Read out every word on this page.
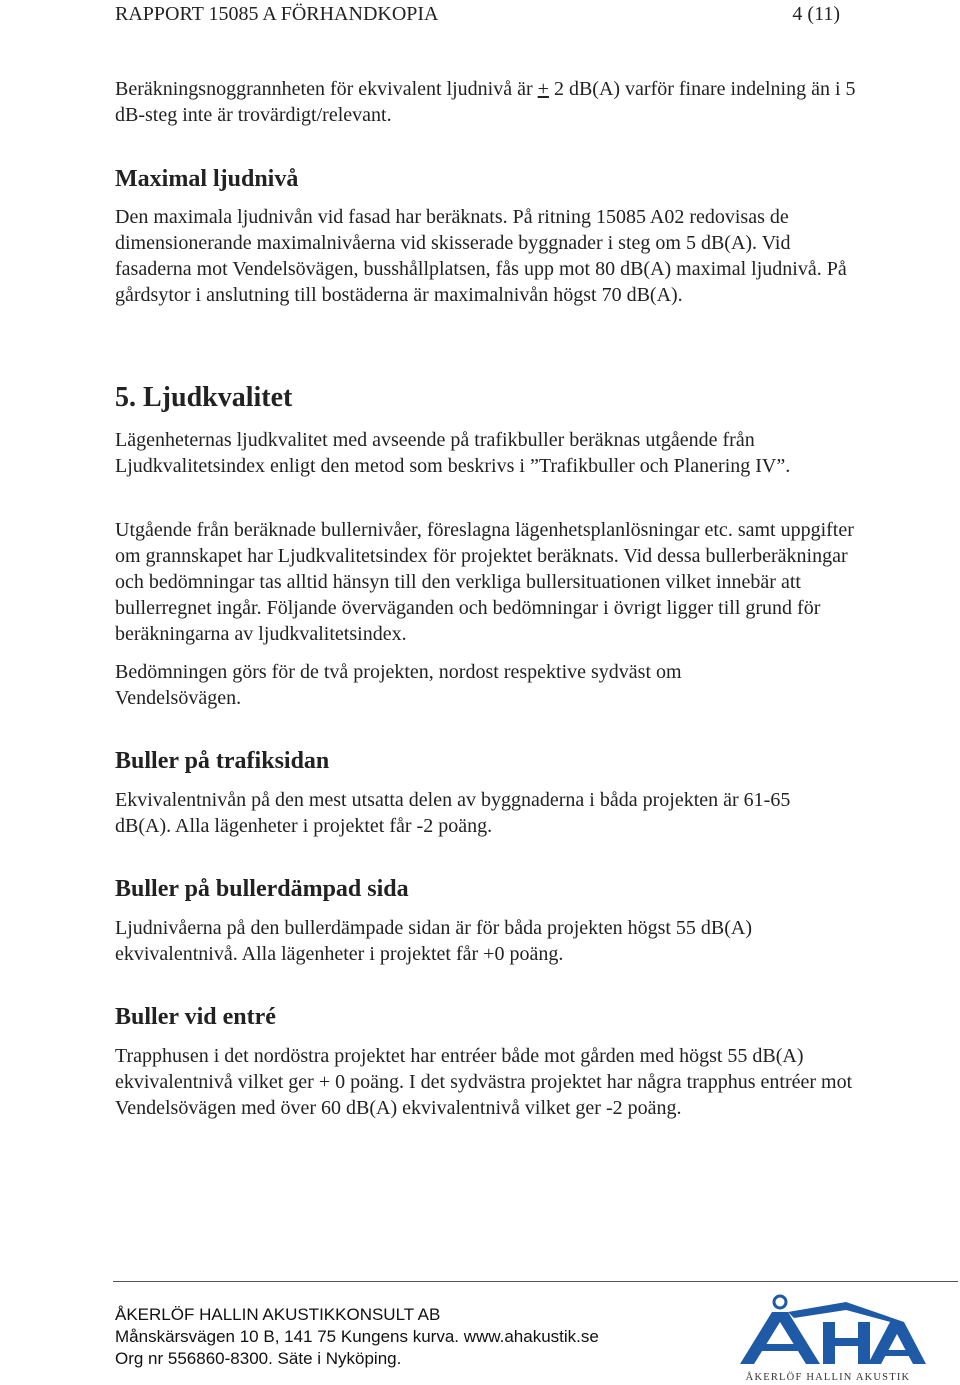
RAPPORT 15085 A FÖRHANDKOPIA	4 (11)

Beräkningsnoggrannheten för ekvivalent ljudnivå är + 2 dB(A) varför finare indelning än i 5 dB-steg inte är trovärdigt/relevant.

Maximal ljudnivå

Den maximala ljudnivån vid fasad har beräknats. På ritning 15085 A02 redovisas de dimensionerande maximalnivåerna vid skisserade byggnader i steg om 5 dB(A). Vid fasaderna mot Vendelsövägen, busshållplatsen, fås upp mot 80 dB(A) maximal ljudnivå. På gårdsytor i anslutning till bostäderna är maximalnivån högst 70 dB(A).

5. Ljudkvalitet

Lägenheternas ljudkvalitet med avseende på trafikbuller beräknas utgående från Ljudkvalitetsindex enligt den metod som beskrivs i ”Trafikbuller och Planering IV”.

Utgående från beräknade bullernivåer, föreslagna lägenhetsplanlösningar etc. samt uppgifter om grannskapet har Ljudkvalitetsindex för projektet beräknats. Vid dessa bullerberäkningar och bedömningar tas alltid hänsyn till den verkliga bullersituationen vilket innebär att bullerregnet ingår. Följande överväganden och bedömningar i övrigt ligger till grund för beräkningarna av ljudkvalitetsindex.

Bedömningen görs för de två projekten, nordost respektive sydväst om Vendelsövägen.

Buller på trafiksidan

Ekvivalentnivån på den mest utsatta delen av byggnaderna i båda projekten är 61-65 dB(A). Alla lägenheter i projektet får -2 poäng.

Buller på bullerdämpad sida

Ljudnivåerna på den bullerdämpade sidan är för båda projekten högst 55 dB(A) ekvivalentnivå. Alla lägenheter i projektet får +0 poäng.

Buller vid entré

Trapphusen i det nordöstra projektet har entréer både mot gården med högst 55 dB(A) ekvivalentnivå vilket ger + 0 poäng. I det sydvästra projektet har några trapphus entréer mot Vendelsövägen med över 60 dB(A) ekvivalentnivå vilket ger -2 poäng.

ÅKERLÖF HALLIN AKUSTIKKONSULT AB
Månskärsvägen 10 B, 141 75 Kungens kurva. www.ahakustik.se
Org nr 556860-8300. Säte i Nyköping.
ÅKERLÖF HALLIN AKUSTIK
